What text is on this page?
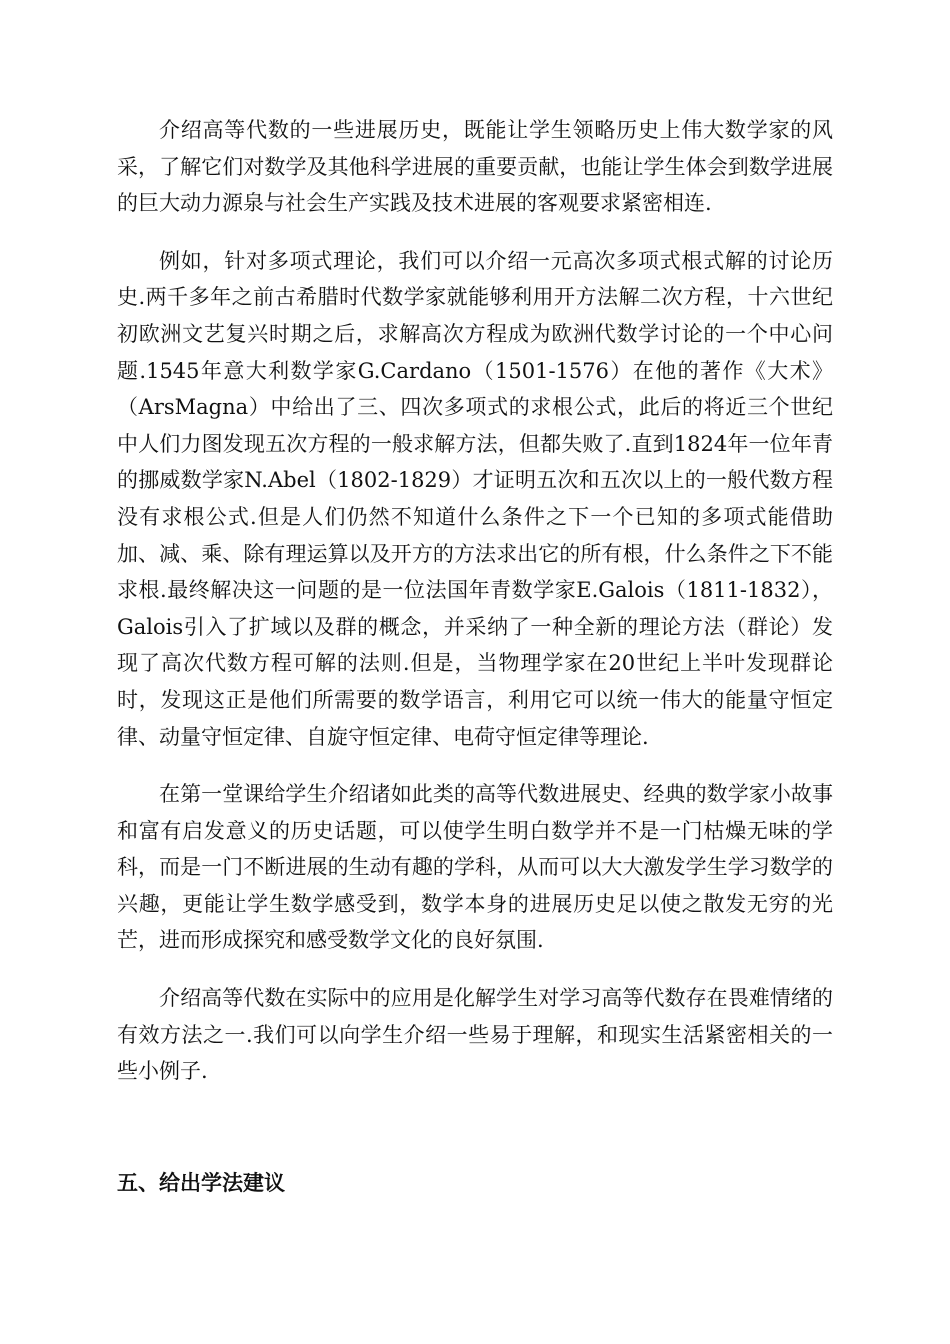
介绍高等代数的一些进展历史，既能让学生领略历史上伟大数学家的风采，了解它们对数学及其他科学进展的重要贡献，也能让学生体会到数学进展的巨大动力源泉与社会生产实践及技术进展的客观要求紧密相连.

例如，针对多项式理论，我们可以介绍一元高次多项式根式解的讨论历史.两千多年之前古希腊时代数学家就能够利用开方法解二次方程，十六世纪初欧洲文艺复兴时期之后，求解高次方程成为欧洲代数学讨论的一个中心问题.1545年意大利数学家G.Cardano（1501-1576）在他的著作《大术》（ArsMagna）中给出了三、四次多项式的求根公式，此后的将近三个世纪中人们力图发现五次方程的一般求解方法，但都失败了.直到1824年一位年青的挪威数学家N.Abel（1802-1829）才证明五次和五次以上的一般代数方程没有求根公式.但是人们仍然不知道什么条件之下一个已知的多项式能借助加、减、乘、除有理运算以及开方的方法求出它的所有根，什么条件之下不能求根.最终解决这一问题的是一位法国年青数学家E.Galois（1811-1832），Galois引入了扩域以及群的概念，并采纳了一种全新的理论方法（群论）发现了高次代数方程可解的法则.但是，当物理学家在20世纪上半叶发现群论时，发现这正是他们所需要的数学语言，利用它可以统一伟大的能量守恒定律、动量守恒定律、自旋守恒定律、电荷守恒定律等理论.

在第一堂课给学生介绍诸如此类的高等代数进展史、经典的数学家小故事和富有启发意义的历史话题，可以使学生明白数学并不是一门枯燥无味的学科，而是一门不断进展的生动有趣的学科，从而可以大大激发学生学习数学的兴趣，更能让学生数学感受到，数学本身的进展历史足以使之散发无穷的光芒，进而形成探究和感受数学文化的良好氛围.

介绍高等代数在实际中的应用是化解学生对学习高等代数存在畏难情绪的有效方法之一.我们可以向学生介绍一些易于理解，和现实生活紧密相关的一些小例子.

五、给出学法建议
